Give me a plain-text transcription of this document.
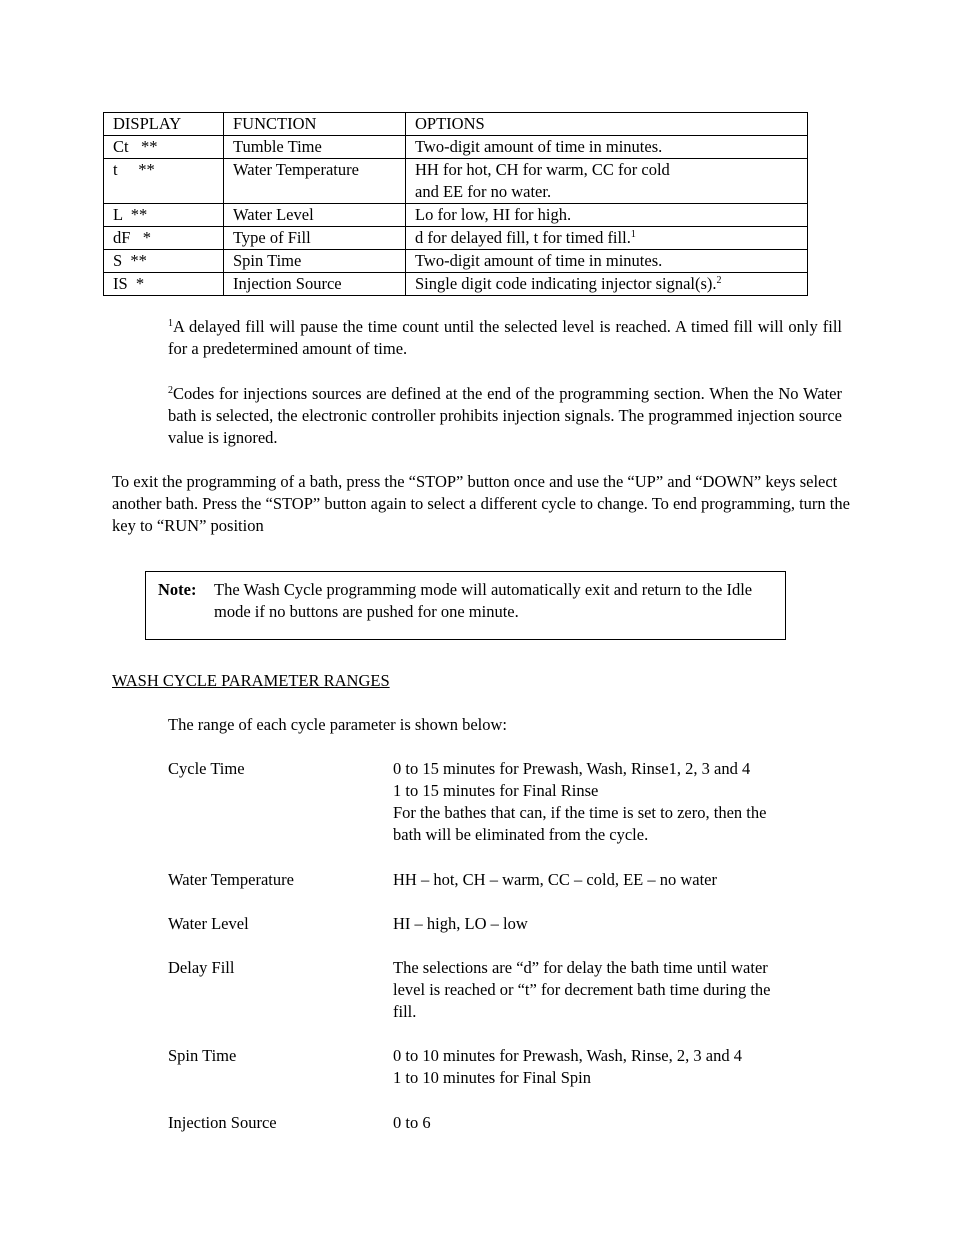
DISPLAY	FUNCTION	OPTIONS
Ct   **	Tumble Time	Two-digit amount of time in minutes.
t     **	Water Temperature	HH for hot, CH for warm, CC for cold
and EE for no water.

L  **	Water Level	Lo for low, HI for high.
dF   *	Type of Fill	d for delayed fill, t for timed fill.$^1$
S  **	Spin Time	Two-digit amount of time in minutes.
IS  *	Injection Source	Single digit code indicating injector signal(s).$^2$
$^1$A delayed fill will pause the time count until the selected level is reached. A timed fill will only fill for a predetermined amount of time.
$^2$Codes for injections sources are defined at the end of the programming section. When the No Water bath is selected, the electronic controller prohibits injection signals. The programmed injection source value is ignored.
To exit the programming of a bath, press the “STOP” button once and use the “UP” and “DOWN” keys select another bath. Press the “STOP” button again to select a different cycle to change. To end programming, turn the key to “RUN” position
Note: The Wash Cycle programming mode will automatically exit and return to the Idle mode if no buttons are pushed for one minute.
WASH CYCLE PARAMETER RANGES
The range of each cycle parameter is shown below:
Cycle Time	0 to 15 minutes for Prewash, Wash, Rinse1, 2, 3 and 4
1 to 15 minutes for Final Rinse
For the bathes that can, if the time is set to zero, then the
bath will be eliminated from the cycle.
Water Temperature	HH – hot, CH – warm, CC – cold, EE – no water
Water Level	HI – high, LO – low
Delay Fill	The selections are “d” for delay the bath time until water
level is reached or “t” for decrement bath time during the
fill.
Spin Time	0 to 10 minutes for Prewash, Wash, Rinse, 2, 3 and 4
1 to 10 minutes for Final Spin
Injection Source	0 to 6
